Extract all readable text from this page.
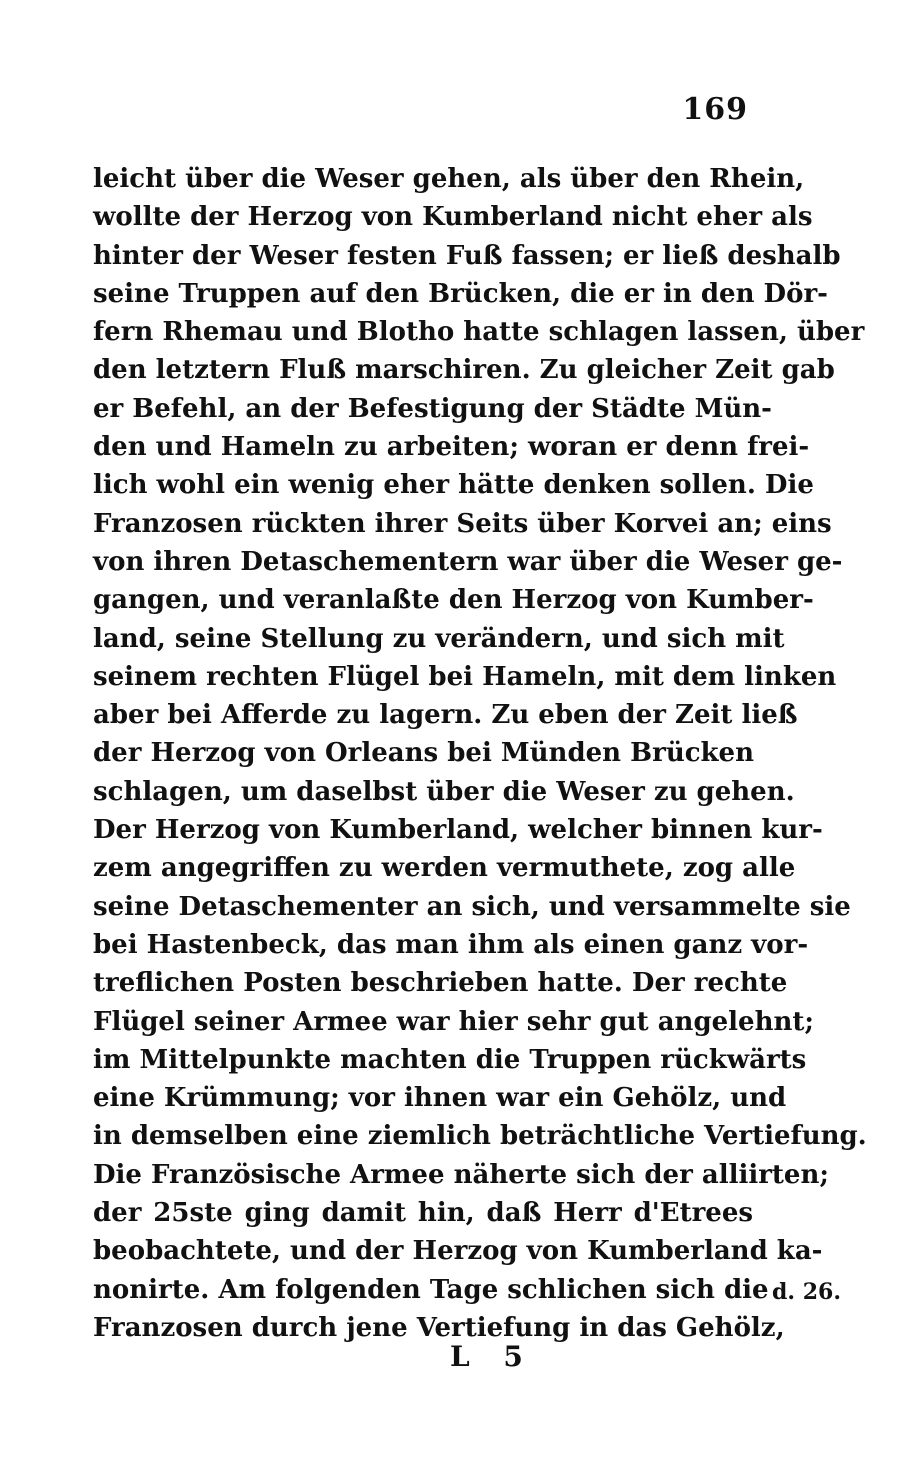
169
leicht über die Weser gehen, als über den Rhein,
wollte der Herzog von Kumberland nicht eher als
hinter der Weser festen Fuß fassen; er ließ deshalb
seine Truppen auf den Brücken, die er in den Dör-
fern Rhemau und Blotho hatte schlagen lassen, über
den letztern Fluß marschiren. Zu gleicher Zeit gab
er Befehl, an der Befestigung der Städte Mün-
den und Hameln zu arbeiten; woran er denn frei-
lich wohl ein wenig eher hätte denken sollen. Die
Franzosen rückten ihrer Seits über Korvei an; eins
von ihren Detaschementern war über die Weser ge-
gangen, und veranlaßte den Herzog von Kumber-
land, seine Stellung zu verändern, und sich mit
seinem rechten Flügel bei Hameln, mit dem linken
aber bei Afferde zu lagern. Zu eben der Zeit ließ
der Herzog von Orleans bei Münden Brücken
schlagen, um daselbst über die Weser zu gehen.
Der Herzog von Kumberland, welcher binnen kur-
zem angegriffen zu werden vermuthete, zog alle
seine Detaschementer an sich, und versammelte sie
bei Hastenbeck, das man ihm als einen ganz vor-
treflichen Posten beschrieben hatte. Der rechte
Flügel seiner Armee war hier sehr gut angelehnt;
im Mittelpunkte machten die Truppen rückwärts
eine Krümmung; vor ihnen war ein Gehölz, und
in demselben eine ziemlich beträchtliche Vertiefung.
Die Französische Armee näherte sich der alliirten;
der 25ste ging damit hin, daß Herr d'Etrees
beobachtete, und der Herzog von Kumberland ka-
nonirte. Am folgenden Tage schlichen sich die
Franzosen durch jene Vertiefung in das Gehölz,
d. 26.
L 5
